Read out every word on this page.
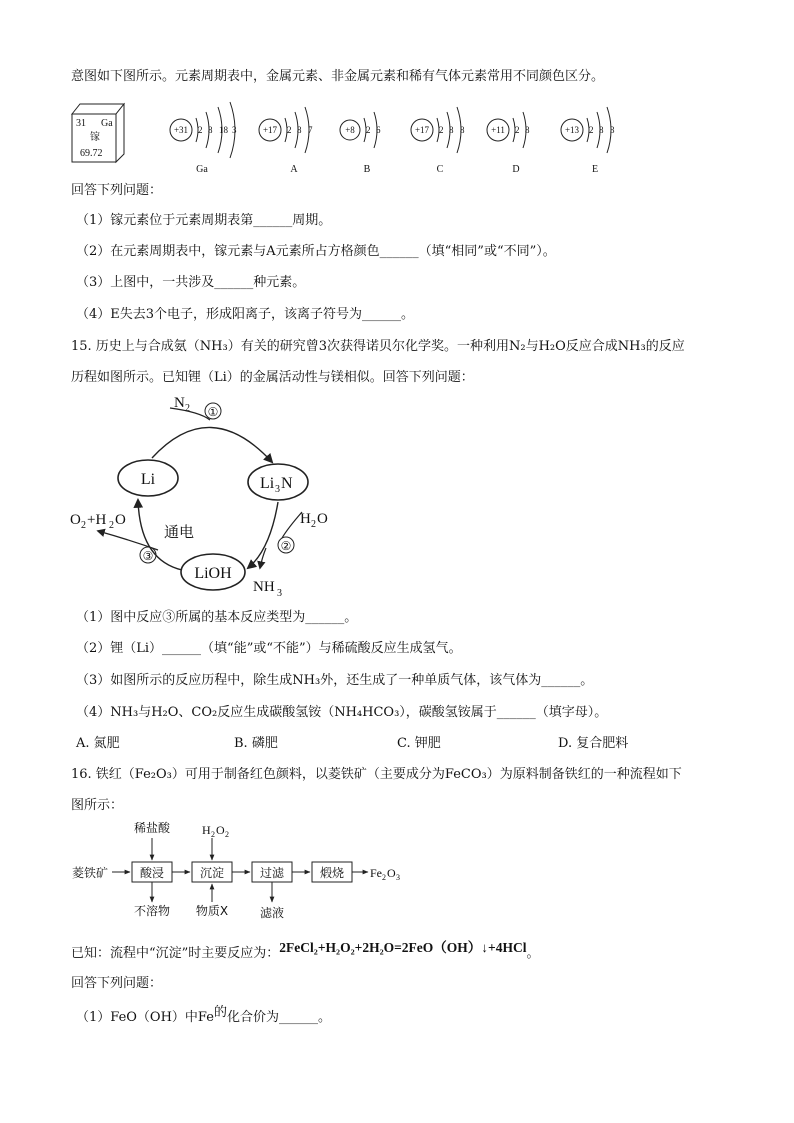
意图如下图所示。元素周期表中，金属元素、非金属元素和稀有气体元素常用不同颜色区分。
31 Ga
镓
69.72
+31 2 8 18 3
Ga
+17 2 8 7
A
+8 2 6
B
+17 2 8 8
C
+11 2 8
D
+13 2 8 3
E
回答下列问题：
（1）镓元素位于元素周期表第______周期。
（2）在元素周期表中，镓元素与A元素所占方格颜色______（填“相同”或“不同”）。
（3）上图中，一共涉及______种元素。
（4）E失去3个电子，形成阳离子，该离子符号为______。
15. 历史上与合成氨（NH₃）有关的研究曾3次获得诺贝尔化学奖。一种利用N₂与H₂O反应合成NH₃的反应
历程如图所示。已知锂（Li）的金属活动性与镁相似。回答下列问题：
Li	Li 3 N
LiOH
N 2 ①
H 2 O
②
NH 3
O 2 +H 2 O
通电
③
（1）图中反应③所属的基本反应类型为______。
（2）锂（Li）______（填“能”或“不能”）与稀硫酸反应生成氢气。
（3）如图所示的反应历程中，除生成NH₃外，还生成了一种单质气体，该气体为______。
（4）NH₃与H₂O、CO₂反应生成碳酸氢铵（NH₄HCO₃），碳酸氢铵属于______（填字母）。
A. 氮肥	B. 磷肥	C. 钾肥	D. 复合肥料
16. 铁红（Fe₂O₃）可用于制备红色颜料，以菱铁矿（主要成分为FeCO₃）为原料制备铁红的一种流程如下
图所示：
菱铁矿	酸浸	沉淀	过滤	煅烧 Fe 2 O 3
稀盐酸	H 2 O 2
不溶物 物质X	滤液
已知：流程中“沉淀”时主要反应为：2FeCl₂+H₂O₂+2H₂O=2FeO（OH）↓+4HCl。
回答下列问题：
（1）FeO（OH）中Fe的化合价为______。
